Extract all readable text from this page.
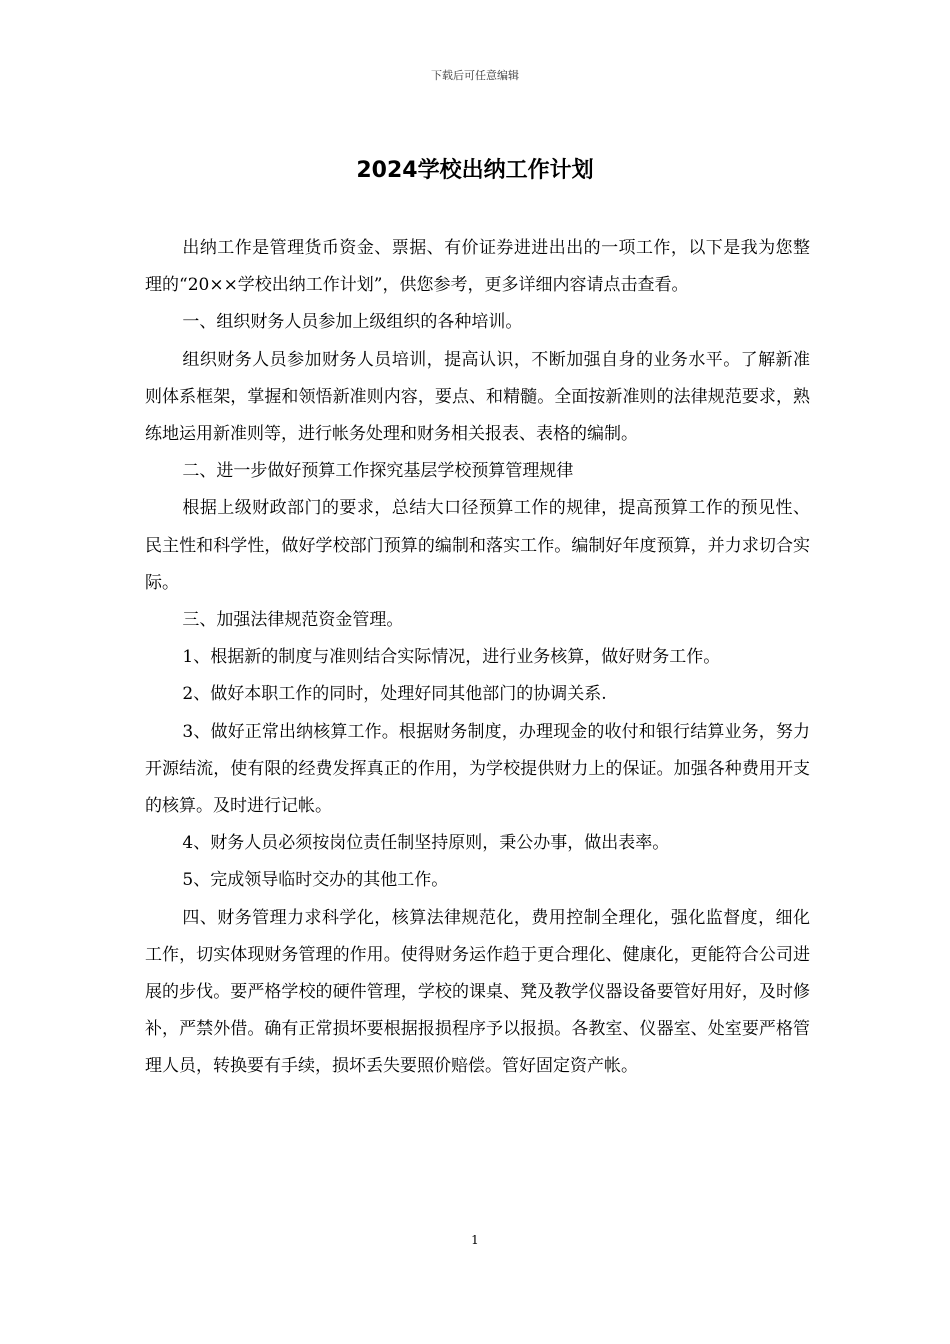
下载后可任意编辑
2024学校出纳工作计划

出纳工作是管理货币资金、票据、有价证券进进出出的一项工作，以下是我为您整理的“20××学校出纳工作计划”，供您参考，更多详细内容请点击查看。

一、组织财务人员参加上级组织的各种培训。

组织财务人员参加财务人员培训，提高认识，不断加强自身的业务水平。了解新准则体系框架，掌握和领悟新准则内容，要点、和精髓。全面按新准则的法律规范要求，熟练地运用新准则等，进行帐务处理和财务相关报表、表格的编制。

二、进一步做好预算工作探究基层学校预算管理规律

根据上级财政部门的要求，总结大口径预算工作的规律，提高预算工作的预见性、民主性和科学性，做好学校部门预算的编制和落实工作。编制好年度预算，并力求切合实际。

三、加强法律规范资金管理。

1、根据新的制度与准则结合实际情况，进行业务核算，做好财务工作。

2、做好本职工作的同时，处理好同其他部门的协调关系.

3、做好正常出纳核算工作。根据财务制度，办理现金的收付和银行结算业务，努力开源结流，使有限的经费发挥真正的作用，为学校提供财力上的保证。加强各种费用开支的核算。及时进行记帐。

4、财务人员必须按岗位责任制坚持原则，秉公办事，做出表率。

5、完成领导临时交办的其他工作。

四、财务管理力求科学化，核算法律规范化，费用控制全理化，强化监督度，细化工作，切实体现财务管理的作用。使得财务运作趋于更合理化、健康化，更能符合公司进展的步伐。要严格学校的硬件管理，学校的课桌、凳及教学仪器设备要管好用好，及时修补，严禁外借。确有正常损坏要根据报损程序予以报损。各教室、仪器室、处室要严格管理人员，转换要有手续，损坏丢失要照价赔偿。管好固定资产帐。

1
